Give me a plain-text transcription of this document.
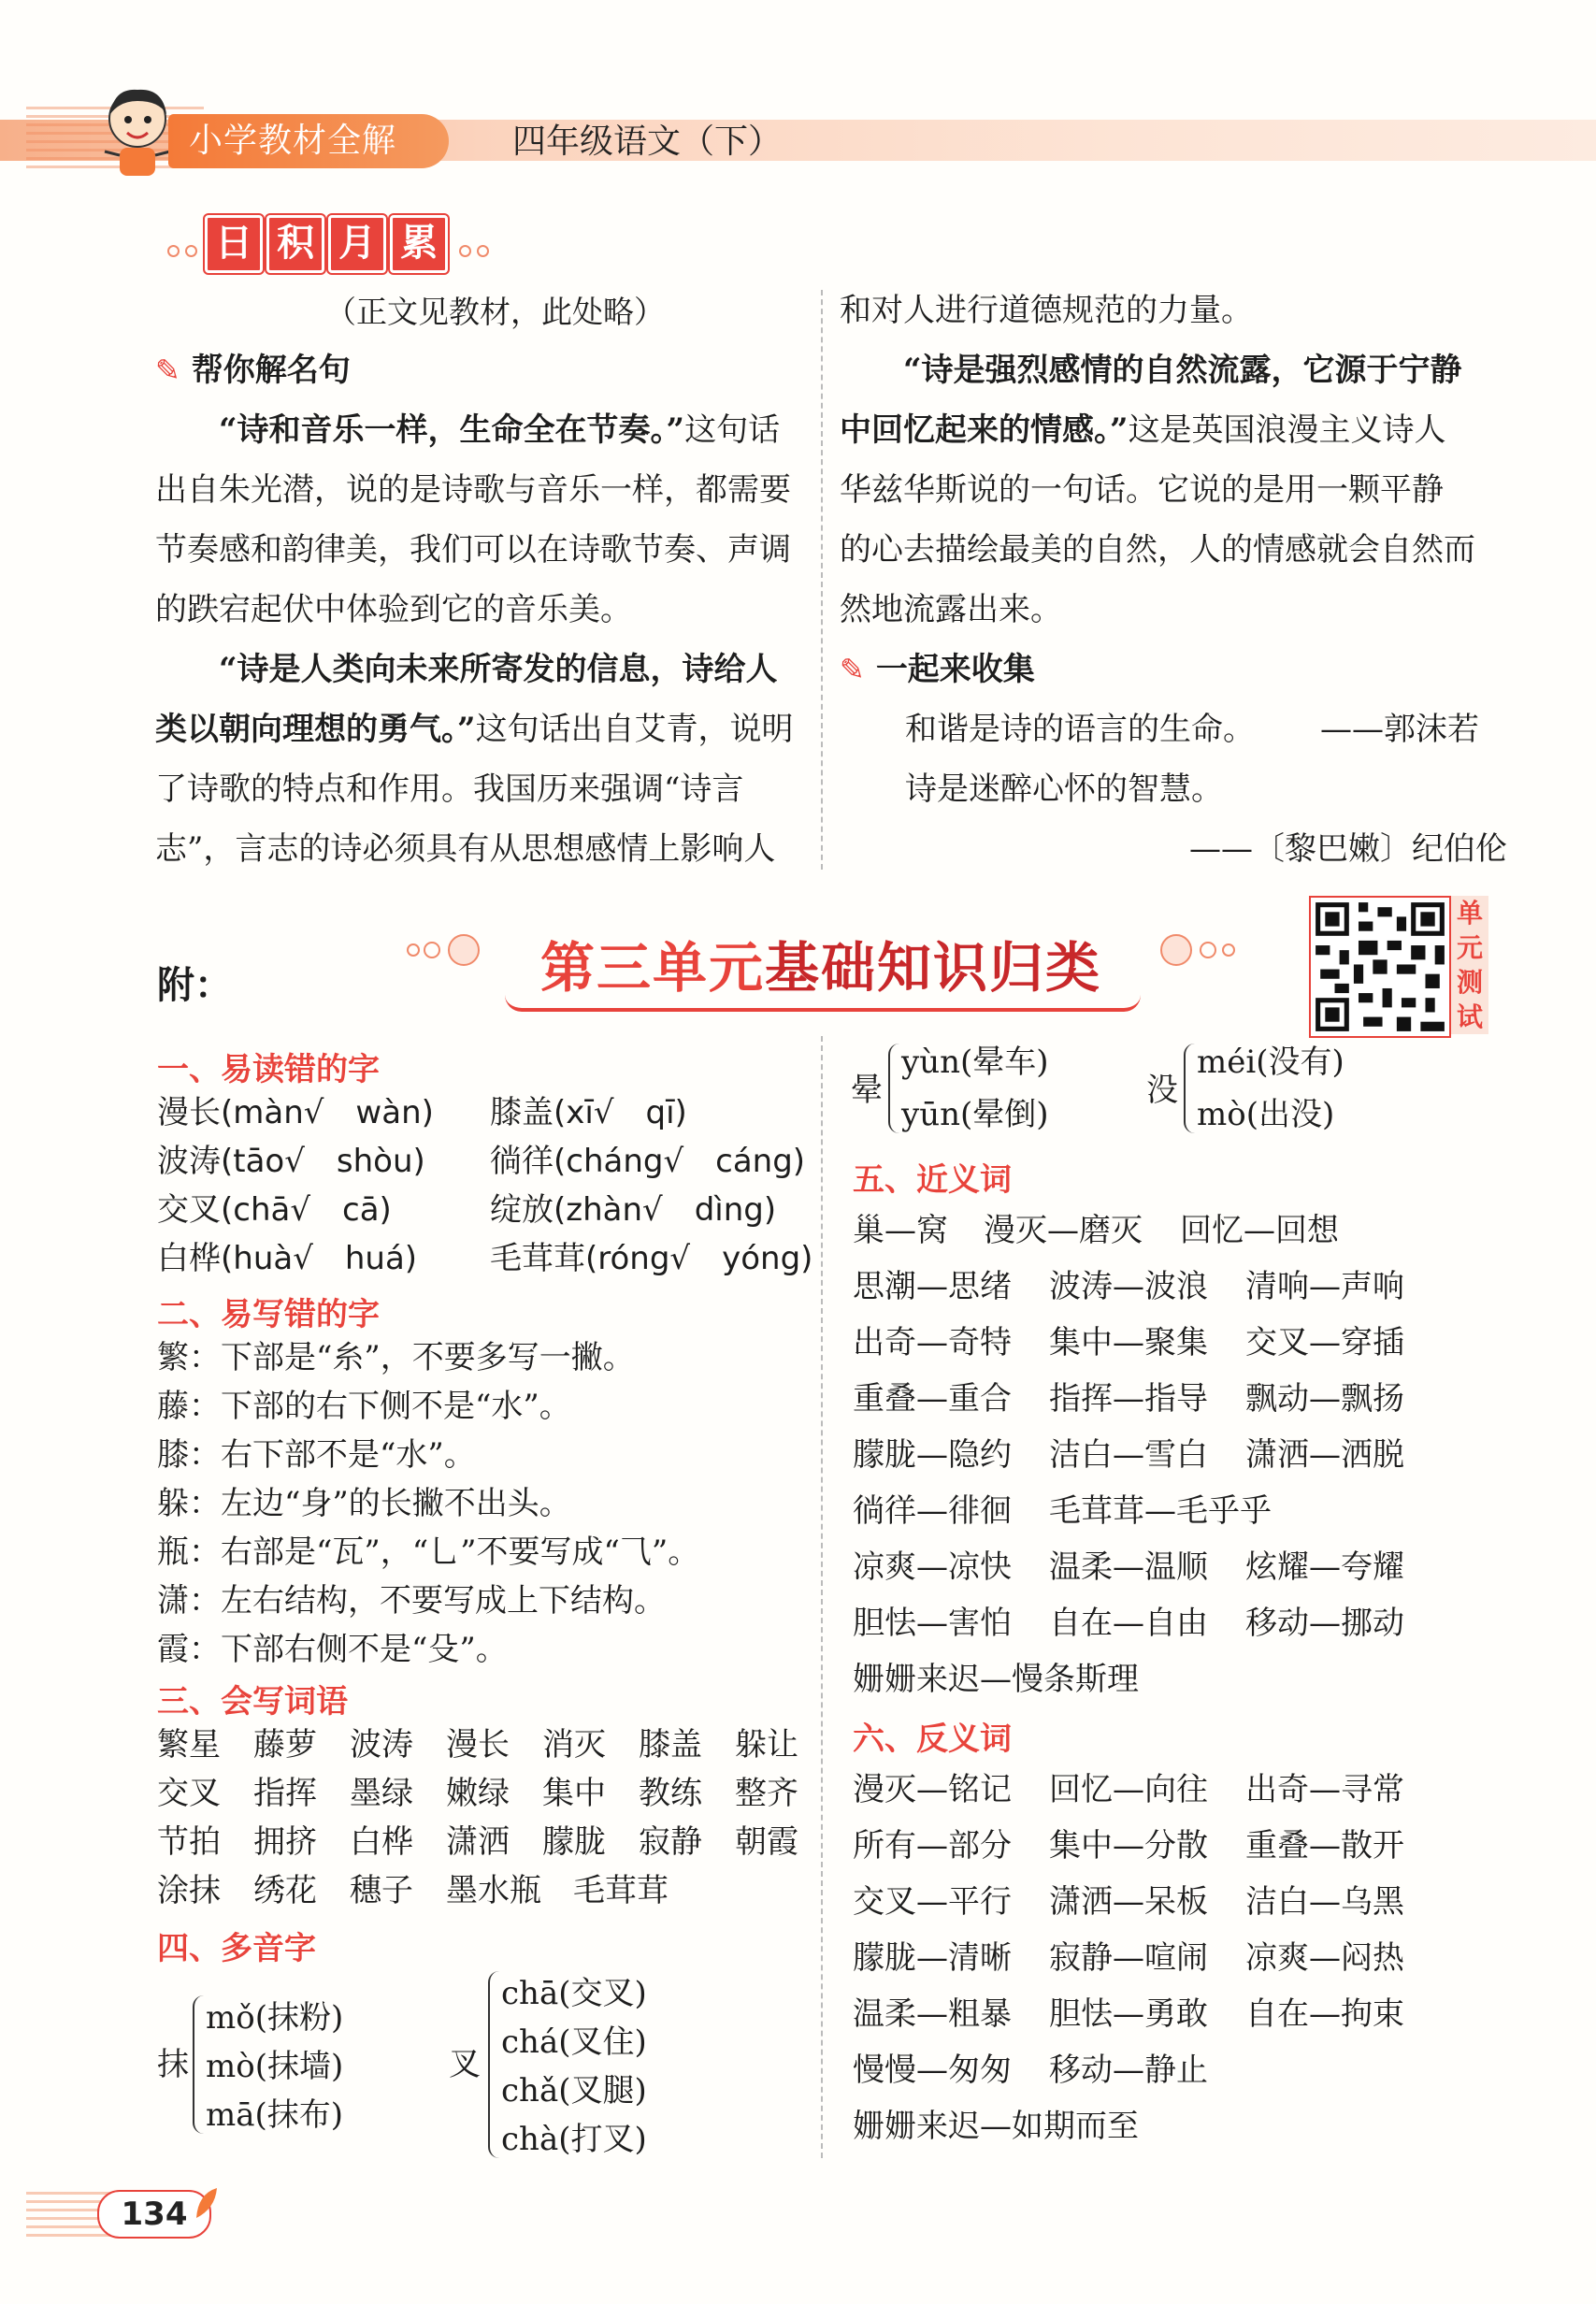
小学教材全解	四年级语文（下）
日 积 月 累
（正文见教材，此处略）
✎ 帮你解名句
“诗和音乐一样，生命全在节奏。”这句话
出自朱光潜，说的是诗歌与音乐一样，都需要
节奏感和韵律美，我们可以在诗歌节奏、声调
的跌宕起伏中体验到它的音乐美。
“诗是人类向未来所寄发的信息，诗给人
类以朝向理想的勇气。”这句话出自艾青，说明
了诗歌的特点和作用。我国历来强调“诗言
志”，言志的诗必须具有从思想感情上影响人
和对人进行道德规范的力量。
“诗是强烈感情的自然流露，它源于宁静
中回忆起来的情感。”这是英国浪漫主义诗人
华兹华斯说的一句话。它说的是用一颗平静
的心去描绘最美的自然，人的情感就会自然而
然地流露出来。
✎ 一起来收集
和谐是诗的语言的生命。 ——郭沫若
诗是迷醉心怀的智慧。
——〔黎巴嫩〕纪伯伦
附：	第三单元基础知识归类
单
元
测
试
一、易读错的字
漫长(màn√　wàn) 膝盖(xī√　qī)
波涛(tāo√　shòu) 徜徉(cháng√　cáng)
交叉(chā√　cā)	绽放(zhàn√　dìng)
白桦(huà√　huá) 毛茸茸(róng√　yóng)
二、易写错的字
繁：下部是“糸”，不要多写一撇。
藤：下部的右下侧不是“水”。
膝：右下部不是“水”。
躲：左边“身”的长撇不出头。
瓶：右部是“瓦”，“乚”不要写成“⺄”。
潇：左右结构，不要写成上下结构。
霞：下部右侧不是“殳”。
三、会写词语
繁星 藤萝 波涛 漫长 消灭 膝盖 躲让
交叉 指挥 墨绿 嫩绿 集中 教练 整齐
节拍 拥挤 白桦 潇洒 朦胧 寂静 朝霞
涂抹 绣花 穗子 墨水瓶 毛茸茸
四、多音字
抹
mǒ(抹粉)
mò(抹墙)
mā(抹布)
叉
chā(交叉)
chá(叉住)
chǎ(叉腿)
chà(打叉)
晕
yùn(晕车)
yūn(晕倒)
没
méi(没有)
mò(出没)
五、近义词
巢—窝 漫灭—磨灭 回忆—回想
思潮—思绪 波涛—波浪 清响—声响
出奇—奇特 集中—聚集 交叉—穿插
重叠—重合 指挥—指导 飘动—飘扬
朦胧—隐约 洁白—雪白 潇洒—洒脱
徜徉—徘徊 毛茸茸—毛乎乎
凉爽—凉快 温柔—温顺 炫耀—夸耀
胆怯—害怕 自在—自由 移动—挪动
姗姗来迟—慢条斯理
六、反义词
漫灭—铭记 回忆—向往 出奇—寻常
所有—部分 集中—分散 重叠—散开
交叉—平行 潇洒—呆板 洁白—乌黑
朦胧—清晰 寂静—喧闹 凉爽—闷热
温柔—粗暴 胆怯—勇敢 自在—拘束
慢慢—匆匆 移动—静止
姗姗来迟—如期而至
134
